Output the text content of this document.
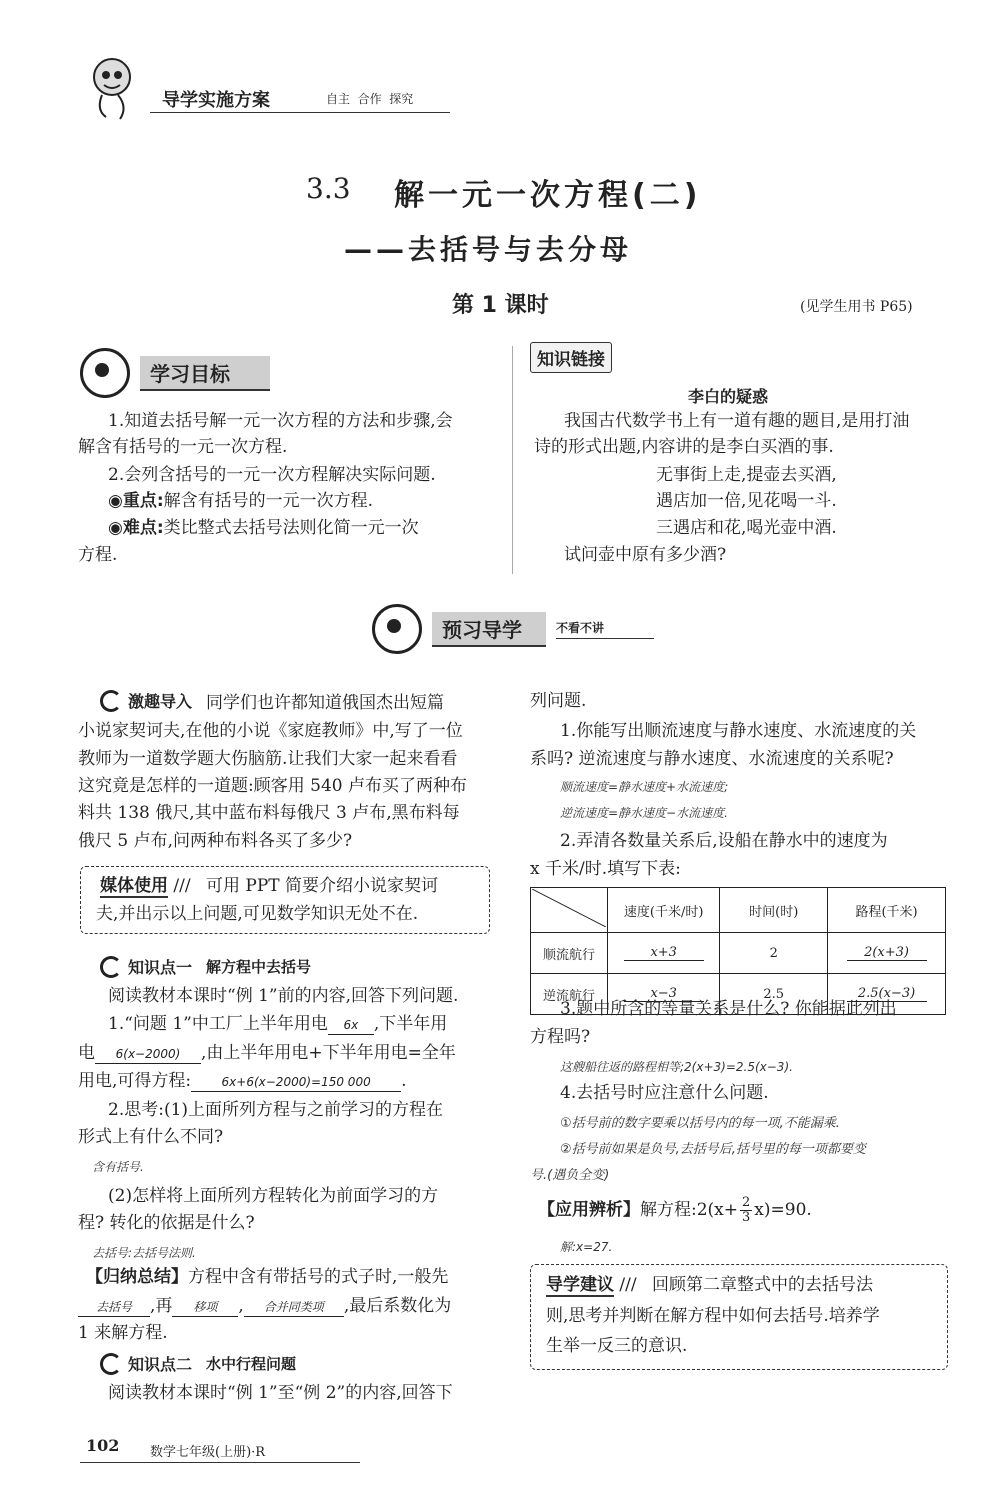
导学实施方案	自主  合作  探究
3.3 解一元一次方程(二)
——去括号与去分母
第 1 课时	(见学生用书 P65)
学习目标
1.知道去括号解一元一次方程的方法和步骤,会
解含有括号的一元一次方程.
2.会列含括号的一元一次方程解决实际问题.
◉重点:解含有括号的一元一次方程.
◉难点:类比整式去括号法则化简一元一次
方程.
知识链接
李白的疑惑
我国古代数学书上有一道有趣的题目,是用打油
诗的形式出题,内容讲的是李白买酒的事.
无事街上走,提壶去买酒,
遇店加一倍,见花喝一斗.
三遇店和花,喝光壶中酒.
试问壶中原有多少酒?
预习导学	不看不讲
激趣导入 同学们也许都知道俄国杰出短篇
小说家契诃夫,在他的小说《家庭教师》中,写了一位
教师为一道数学题大伤脑筋.让我们大家一起来看看
这究竟是怎样的一道题:顾客用 540 卢布买了两种布
料共 138 俄尺,其中蓝布料每俄尺 3 卢布,黑布料每
俄尺 5 卢布,问两种布料各买了多少?
媒体使用 /// 可用 PPT 简要介绍小说家契诃
夫,并出示以上问题,可见数学知识无处不在.
知识点一 解方程中去括号
阅读教材本课时“例 1”前的内容,回答下列问题.
1.“问题 1”中工厂上半年用电 6x ,下半年用
电 6(x−2000) ,由上半年用电+下半年用电=全年
用电,可得方程:	6x+6(x−2000)=150 000 .
2.思考:(1)上面所列方程与之前学习的方程在
形式上有什么不同?
含有括号.
(2)怎样将上面所列方程转化为前面学习的方
程? 转化的依据是什么?
去括号:去括号法则.
【归纳总结】方程中含有带括号的式子时,一般先
去括号 ,再 移项 , 合并同类项 ,最后系数化为
1 来解方程.
知识点二 水中行程问题
阅读教材本课时“例 1”至“例 2”的内容,回答下
列问题.
1.你能写出顺流速度与静水速度、水流速度的关
系吗? 逆流速度与静水速度、水流速度的关系呢?
顺流速度=静水速度+水流速度;
逆流速度=静水速度−水流速度.
2.弄清各数量关系后,设船在静水中的速度为
x 千米/时.填写下表:
	速度(千米/时)	时间(时)	路程(千米)
顺流航行	x+3	2	2(x+3)
逆流航行	x−3	2.5	2.5(x−3)
3.题中所含的等量关系是什么? 你能据此列出
方程吗?
这艘船往返的路程相等;2(x+3)=2.5(x−3).
4.去括号时应注意什么问题.
①括号前的数字要乘以括号内的每一项,不能漏乘.
②括号前如果是负号,去括号后,括号里的每一项都要变
号.(遇负全变)
【应用辨析】解方程:2(x+ $\frac{2}{3} x)=90$.
解:x=27.
导学建议 /// 回顾第二章整式中的去括号法
则,思考并判断在解方程中如何去括号.培养学
生举一反三的意识.
102 数学七年级(上册)·R
